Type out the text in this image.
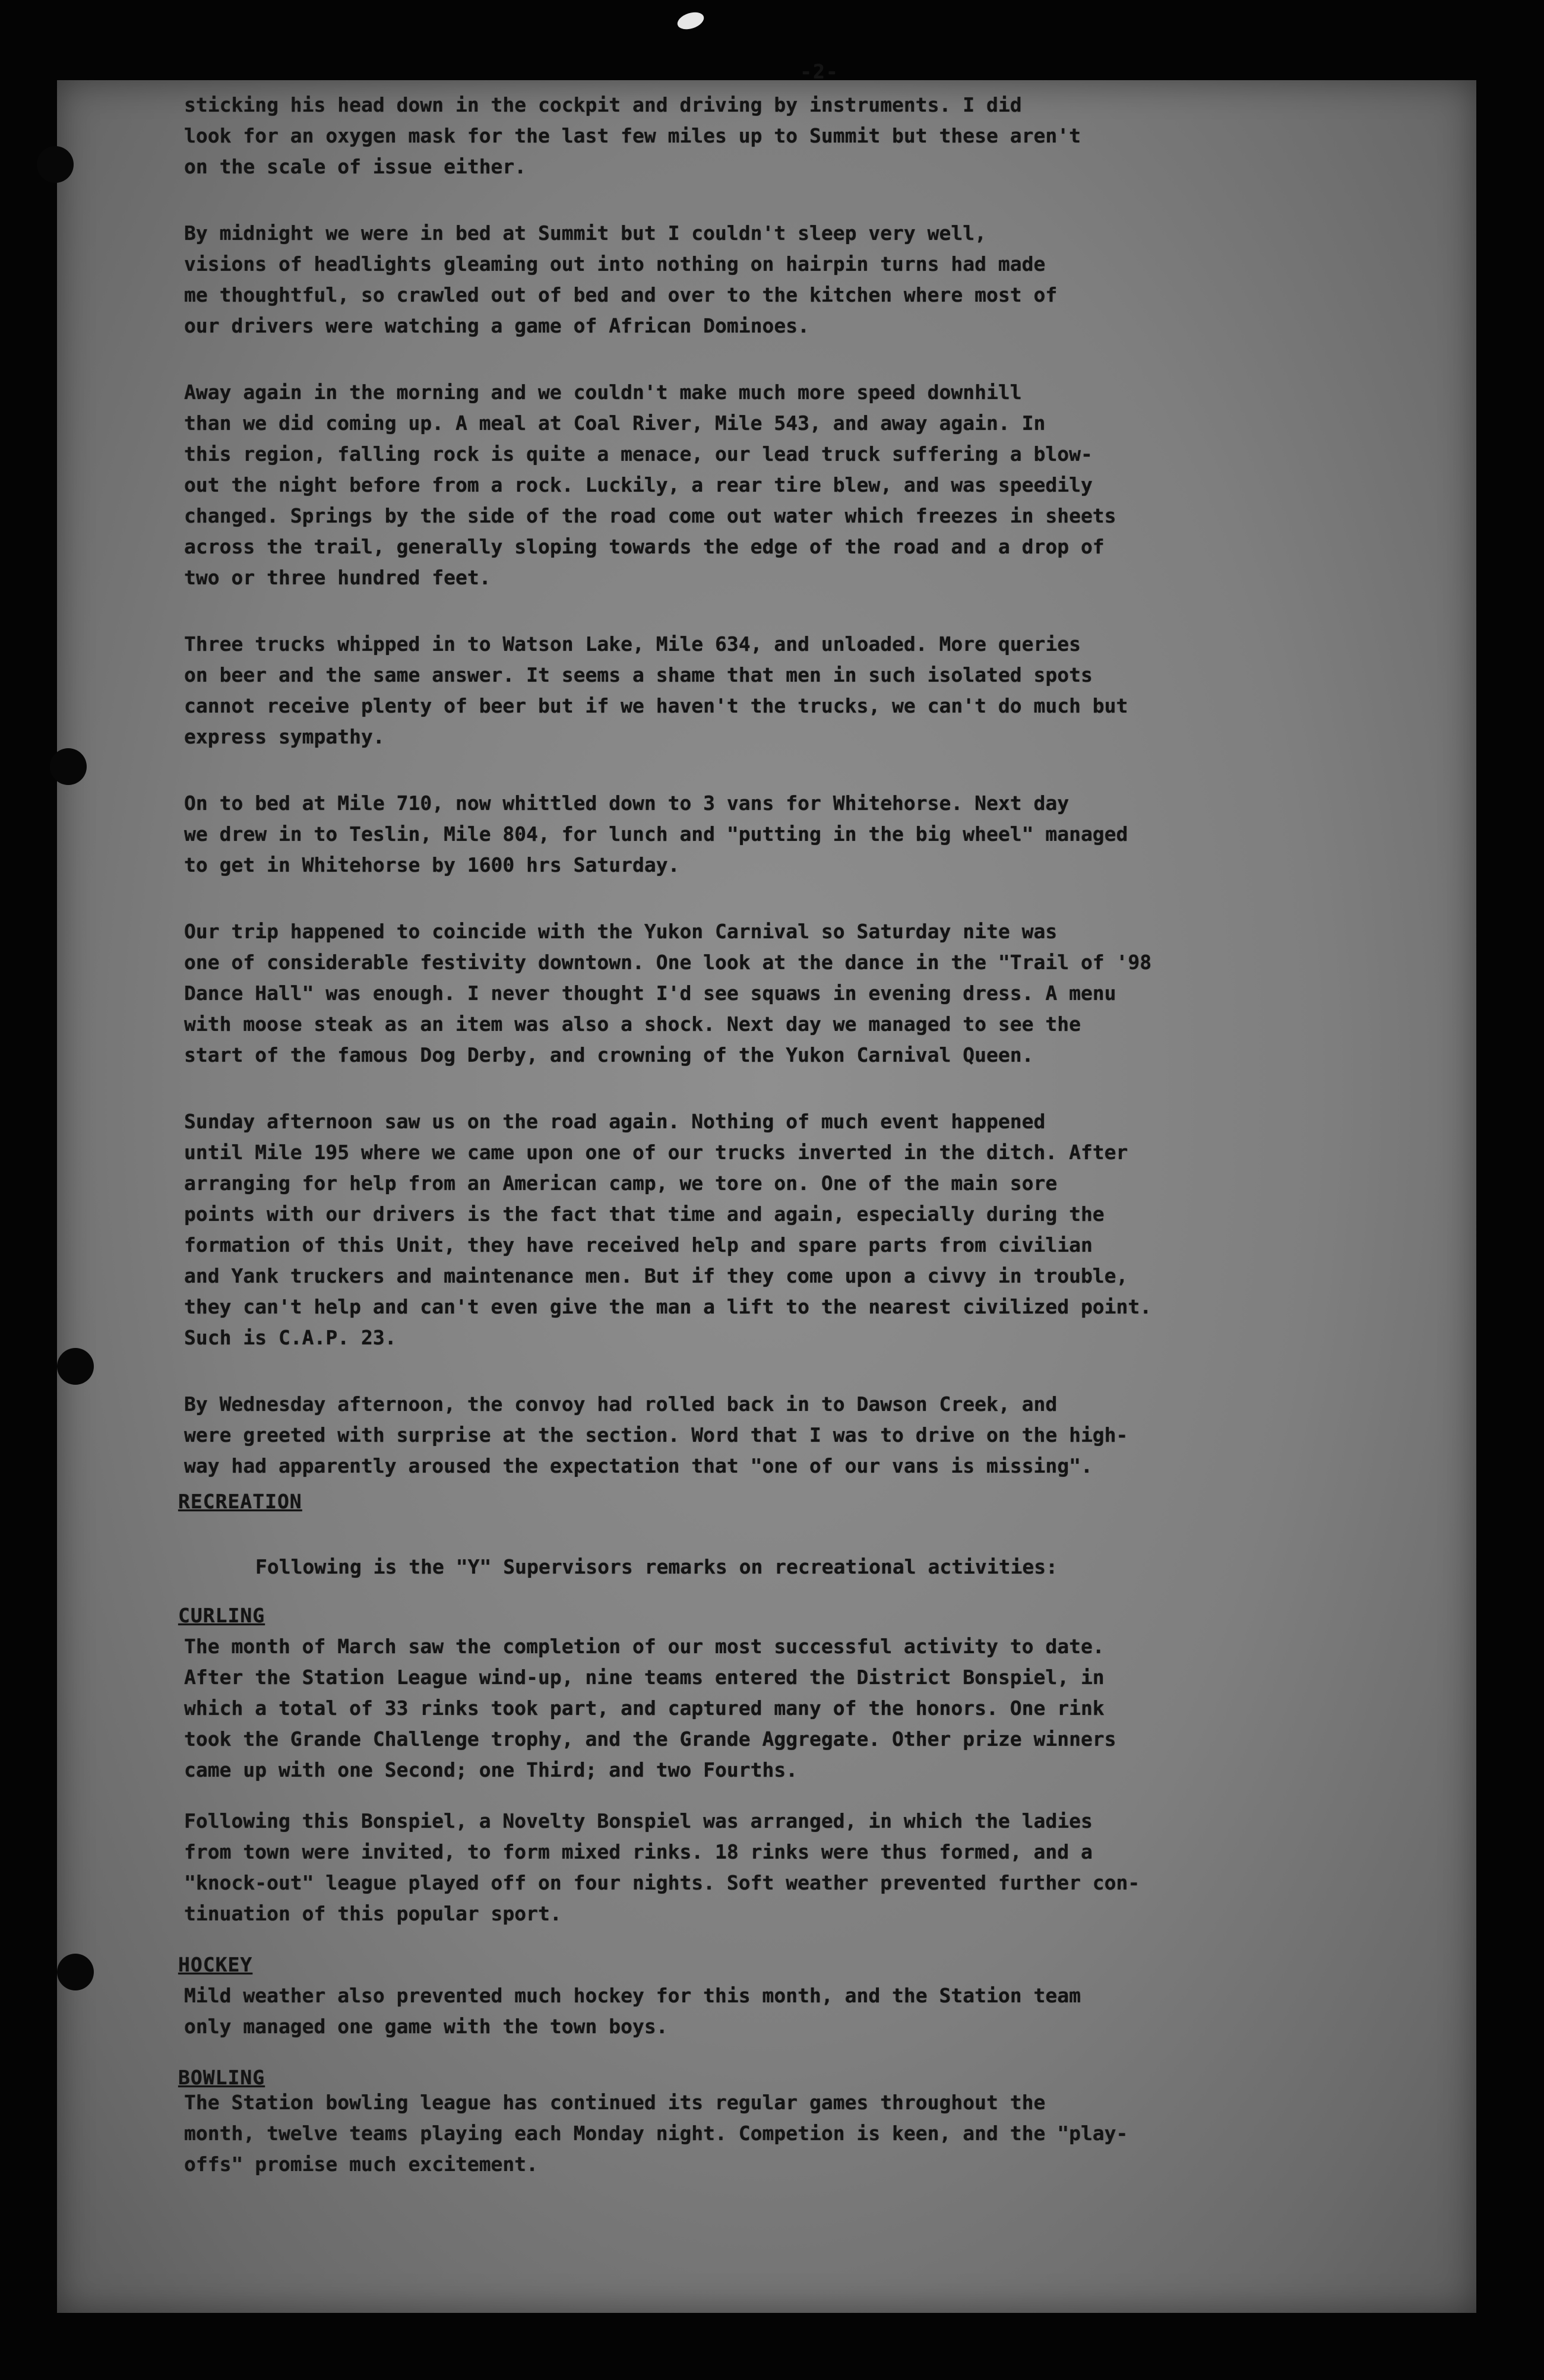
-2-

sticking his head down in the cockpit and driving by instruments. I did
look for an oxygen mask for the last few miles up to Summit but these aren't
on the scale of issue either.

By midnight we were in bed at Summit but I couldn't sleep very well,
visions of headlights gleaming out into nothing on hairpin turns had made
me thoughtful, so crawled out of bed and over to the kitchen where most of
our drivers were watching a game of African Dominoes.

Away again in the morning and we couldn't make much more speed downhill
than we did coming up. A meal at Coal River, Mile 543, and away again. In
this region, falling rock is quite a menace, our lead truck suffering a blow-
out the night before from a rock. Luckily, a rear tire blew, and was speedily
changed. Springs by the side of the road come out water which freezes in sheets
across the trail, generally sloping towards the edge of the road and a drop of
two or three hundred feet.

Three trucks whipped in to Watson Lake, Mile 634, and unloaded. More queries
on beer and the same answer. It seems a shame that men in such isolated spots
cannot receive plenty of beer but if we haven't the trucks, we can't do much but
express sympathy.

On to bed at Mile 710, now whittled down to 3 vans for Whitehorse. Next day
we drew in to Teslin, Mile 804, for lunch and "putting in the big wheel" managed
to get in Whitehorse by 1600 hrs Saturday.

Our trip happened to coincide with the Yukon Carnival so Saturday nite was
one of considerable festivity downtown. One look at the dance in the "Trail of '98
Dance Hall" was enough. I never thought I'd see squaws in evening dress. A menu
with moose steak as an item was also a shock. Next day we managed to see the
start of the famous Dog Derby, and crowning of the Yukon Carnival Queen.

Sunday afternoon saw us on the road again. Nothing of much event happened
until Mile 195 where we came upon one of our trucks inverted in the ditch. After
arranging for help from an American camp, we tore on. One of the main sore
points with our drivers is the fact that time and again, especially during the
formation of this Unit, they have received help and spare parts from civilian
and Yank truckers and maintenance men. But if they come upon a civvy in trouble,
they can't help and can't even give the man a lift to the nearest civilized point.
Such is C.A.P. 23.

By Wednesday afternoon, the convoy had rolled back in to Dawson Creek, and
were greeted with surprise at the section. Word that I was to drive on the high-
way had apparently aroused the expectation that "one of our vans is missing".

RECREATION

Following is the "Y" Supervisors remarks on recreational activities:

CURLING

The month of March saw the completion of our most successful activity to date.
After the Station League wind-up, nine teams entered the District Bonspiel, in
which a total of 33 rinks took part, and captured many of the honors. One rink
took the Grande Challenge trophy, and the Grande Aggregate. Other prize winners
came up with one Second; one Third; and two Fourths.

Following this Bonspiel, a Novelty Bonspiel was arranged, in which the ladies
from town were invited, to form mixed rinks. 18 rinks were thus formed, and a
"knock-out" league played off on four nights. Soft weather prevented further con-
tinuation of this popular sport.

HOCKEY

Mild weather also prevented much hockey for this month, and the Station team
only managed one game with the town boys.

BOWLING

The Station bowling league has continued its regular games throughout the
month, twelve teams playing each Monday night. Competion is keen, and the "play-
offs" promise much excitement.
